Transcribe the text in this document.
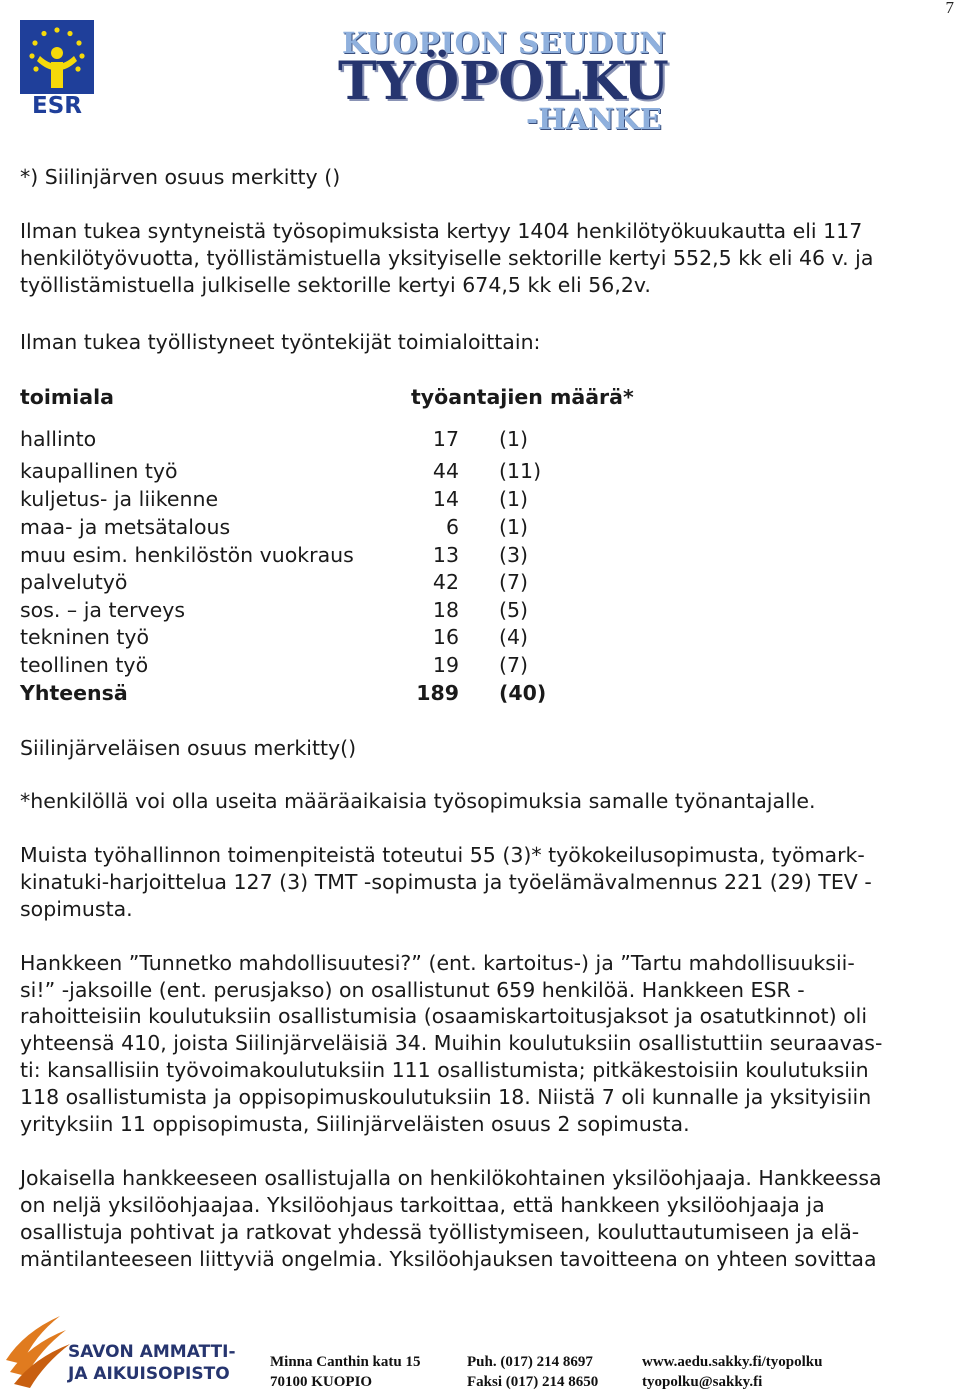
7
ESR
KUOPION SEUDUN
TYÖPOLKU
-HANKE

*) Siilinjärven osuus merkitty ()

Ilman tukea syntyneistä työsopimuksista kertyy 1404 henkilötyökuukautta eli 117

henkilötyövuotta, työllistämistuella yksityiselle sektorille kertyi 552,5 kk eli 46 v. ja

työllistämistuella julkiselle sektorille kertyi 674,5 kk eli 56,2v.

Ilman tukea työllistyneet työntekijät toimialoittain:

toimiala	työantajien määrä*
hallinto	17 (1)
kaupallinen työ	44 (11)
kuljetus- ja liikenne	14 (1)
maa- ja metsätalous	6 (1)
muu esim. henkilöstön vuokraus	13 (3)
palvelutyö	42 (7)
sos. – ja terveys	18 (5)
tekninen työ	16 (4)
teollinen työ	19 (7)
Yhteensä	189 (40)

Siilinjärveläisen osuus merkitty()

*henkilöllä voi olla useita määräaikaisia työsopimuksia samalle työnantajalle.

Muista työhallinnon toimenpiteistä toteutui 55 (3)* työkokeilusopimusta, työmark-

kinatuki-harjoittelua 127 (3) TMT -sopimusta ja työelämävalmennus 221 (29) TEV -

sopimusta.

Hankkeen ”Tunnetko mahdollisuutesi?” (ent. kartoitus-) ja ”Tartu mahdollisuuksii-

si!” -jaksoille (ent. perusjakso) on osallistunut 659 henkilöä. Hankkeen ESR -

rahoitteisiin koulutuksiin osallistumisia (osaamiskartoitusjaksot ja osatutkinnot) oli

yhteensä 410, joista Siilinjärveläisiä 34. Muihin koulutuksiin osallistuttiin seuraavas-

ti: kansallisiin työvoimakoulutuksiin 111 osallistumista; pitkäkestoisiin koulutuksiin

118 osallistumista ja oppisopimuskoulutuksiin 18. Niistä 7 oli kunnalle ja yksityisiin

yrityksiin 11 oppisopimusta, Siilinjärveläisten osuus 2 sopimusta.

Jokaisella hankkeeseen osallistujalla on henkilökohtainen yksilöohjaaja. Hankkeessa

on neljä yksilöohjaajaa. Yksilöohjaus tarkoittaa, että hankkeen yksilöohjaaja ja

osallistuja pohtivat ja ratkovat yhdessä työllistymiseen, kouluttautumiseen ja elä-

mäntilanteeseen liittyviä ongelmia. Yksilöohjauksen tavoitteena on yhteen sovittaa

SAVON AMMATTI-
JA AIKUISOPISTO
Minna Canthin katu 15
70100 KUOPIO
Puh. (017) 214 8697
Faksi (017) 214 8650
www.aedu.sakky.fi/tyopolku
tyopolku@sakky.fi
